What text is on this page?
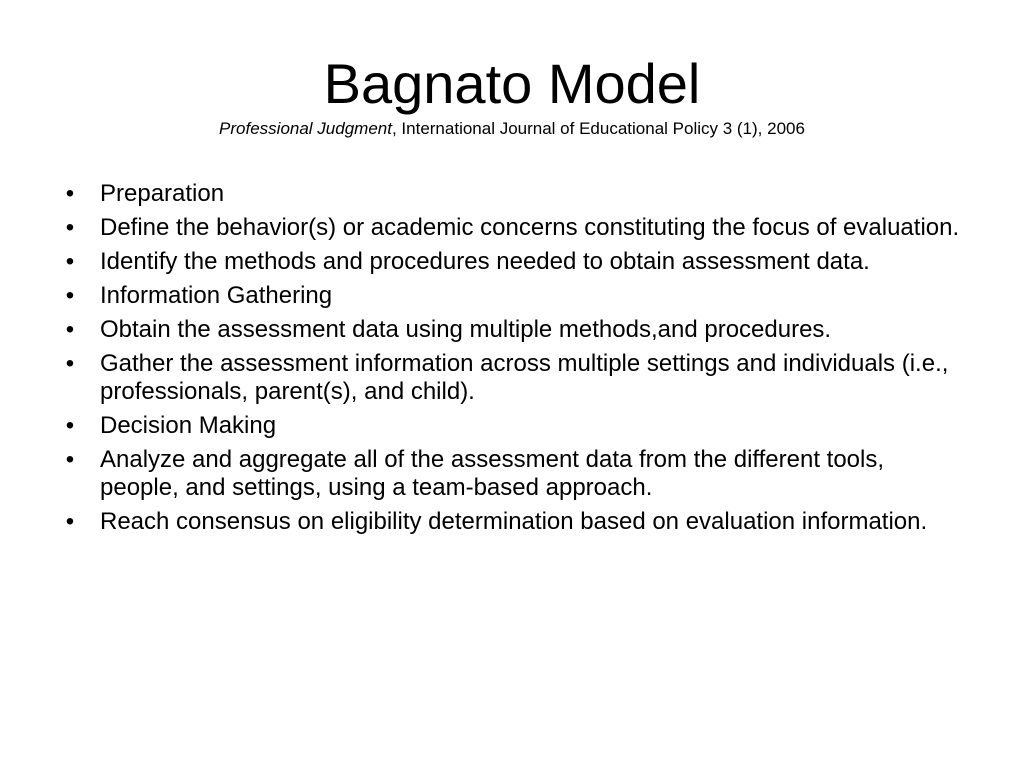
Bagnato Model
Professional Judgment, International Journal of Educational Policy 3 (1), 2006
• Preparation
• Define the behavior(s) or academic concerns constituting the focus of evaluation.
• Identify the methods and procedures needed to obtain assessment data.
• Information Gathering
• Obtain the assessment data using multiple methods,and procedures.
• Gather the assessment information across multiple settings and individuals (i.e., professionals, parent(s), and child).
• Decision Making
• Analyze and aggregate all of the assessment data from the different tools, people, and settings, using a team-based approach.
• Reach consensus on eligibility determination based on evaluation information.
